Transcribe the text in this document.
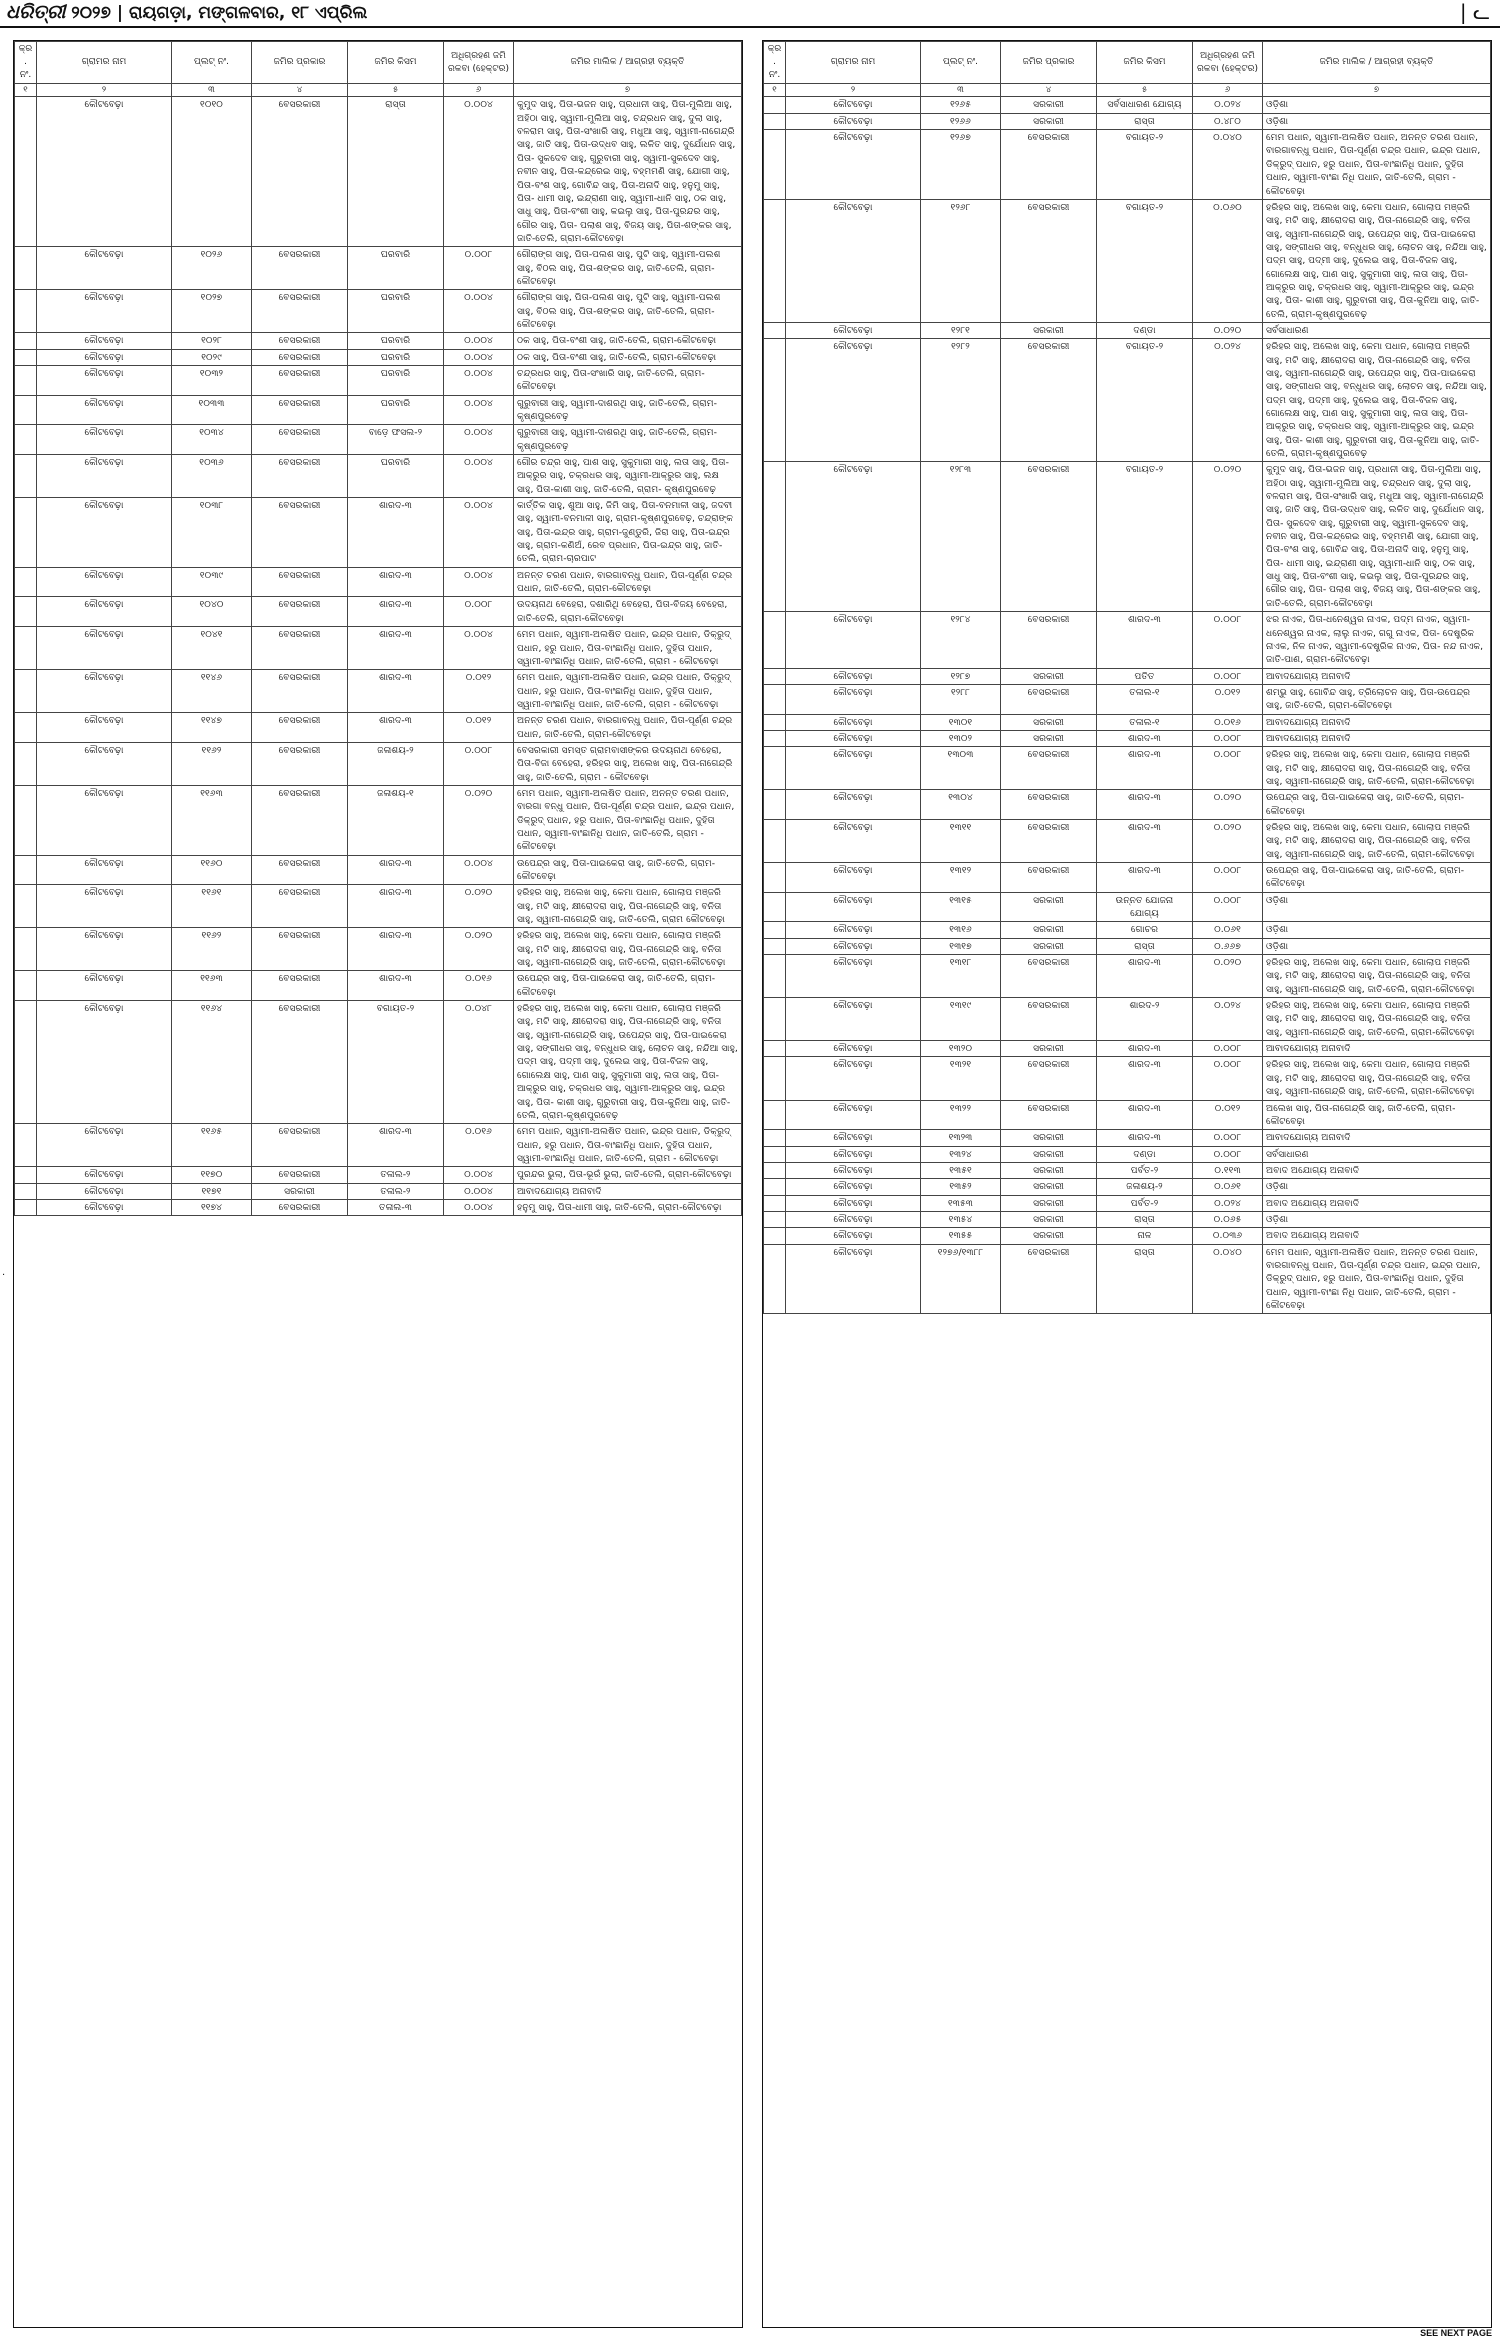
ଧରିତ୍ରୀ ୨୦୨୭ | ରାୟଗଡ଼ା, ମଙ୍ଗଳବାର, ୧୮ ଏପ୍ରିଲ	| ᓚ
·
କ୍ର. ନଂ.	ଗ୍ରାମର ନାମ	ପ୍ଲଟ୍ ନଂ.	ଜମିର ପ୍ରକାର	ଜମିର କିସମ	ଅଧିଗ୍ରହଣ ଜମି ରକବା (ହେକ୍ଟର)	ଜମିର ମାଲିକ / ଆଗ୍ରହୀ ବ୍ୟକ୍ତି
୧	୨	୩	୪	୫	୬	୭
	କୌଟବେଢ଼ା	୧୦୧୦	ବେସରକାରୀ	ରାସ୍ତା	୦.୦୦୪	କୁମୁଦ ସାହୁ, ପିତା-ଭଜନ ସାହୁ, ପ୍ରଧାନୀ ସାହୁ, ପିତା-ମୁଲିଆ ସାହୁ, ଅହିଠା ସାହୁ, ସ୍ୱାମୀ-ମୁଲିଆ ସାହୁ, ଚନ୍ଦ୍ରଧନ ସାହୁ, ଦୁଲା ସାହୁ, ବଳରାମ ସାହୁ, ପିତା-ସଂଖାରି ସାହୁ, ମଧୁଆ ସାହୁ, ସ୍ୱାମୀ-ନାଗେନ୍ଦ୍ରି ସାହୁ, ଜାତି ସାହୁ, ପିତା-ଉଦ୍ଧବ ସାହୁ, ଲଳିତ ସାହୁ, ଦୁର୍ଯୋଧନ ସାହୁ, ପିତା- ସୁକଦେବ ସାହୁ, ଗୁରୁବାରୀ ସାହୁ, ସ୍ୱାମୀ-ସୁକଦେବ ସାହୁ, ନବୀନ ସାହୁ, ପିତା-କନ୍ଦ୍ରେଇ ସାହୁ, ବହ୍ମମଣି ସାହୁ, ଯୋଗୀ ସାହୁ, ପିତା-ବଂଶ ସାହୁ, ଗୋବିନ୍ଦ ସାହୁ, ପିତା-ଅନାଦି ସାହୁ, ହନୁମୁ ସାହୁ, ପିତା- ଧାମୀ ସାହୁ, ଇନ୍ଦ୍ରାଣୀ ସାହୁ, ସ୍ୱାମୀ-ଧାନି ସାହୁ, ଠକ ସାହୁ, ସାଧୁ ସାହୁ, ପିତା-ବଂଶୀ ସାହୁ, କଇଲୁ ସାହୁ, ପିତା-ପୁରନ୍ଦର ସାହୁ, ଗୌର ସାହୁ, ପିତା- ପଲାଶ ସାହୁ, ବିଜୟ ସାହୁ, ପିତା-ଶଙ୍କର ସାହୁ, ଜାତି-ତେଲି, ଗ୍ରାମ-କୌଟବେଢ଼ା
	କୌଟବେଢ଼ା	୧୦୨୬	ବେସରକାରୀ	ଘରବାରି	୦.୦୦୮	ଗୌରାଙ୍ଗ ସାହୁ, ପିତା-ପଲଶ ସାହୁ, ପୁଟି ସାହୁ, ସ୍ୱାମୀ-ପଲଶ ସାହୁ, ବିଠଲ ସାହୁ, ପିତା-ଶଙ୍କର ସାହୁ, ଜାତି-ତେଲି, ଗ୍ରାମ-କୌଟବେଢ଼ା
	କୌଟବେଢ଼ା	୧୦୨୭	ବେସରକାରୀ	ଘରବାରି	୦.୦୦୪	ଗୌରାଙ୍ଗ ସାହୁ, ପିତା-ପଲଶ ସାହୁ, ପୁଟି ସାହୁ, ସ୍ୱାମୀ-ପଲଶ ସାହୁ, ବିଠଲ ସାହୁ, ପିତା-ଶଙ୍କର ସାହୁ, ଜାତି-ତେଲି, ଗ୍ରାମ-କୌଟବେଢ଼ା
	କୌଟବେଢ଼ା	୧୦୨୮	ବେସରକାରୀ	ଘରବାରି	୦.୦୦୪	ଠକ ସାହୁ, ପିତା-ବଂଶୀ ସାହୁ, ଜାତି-ତେଲି, ଗ୍ରାମ-କୌଟବେଢ଼ା
	କୌଟବେଢ଼ା	୧୦୨୯	ବେସରକାରୀ	ଘରବାରି	୦.୦୦୪	ଠକ ସାହୁ, ପିତା-ବଂଶୀ ସାହୁ, ଜାତି-ତେଲି, ଗ୍ରାମ-କୌଟବେଢ଼ା
	କୌଟବେଢ଼ା	୧୦୩୨	ବେସରକାରୀ	ଘରବାରି	୦.୦୦୪	ଚନ୍ଦ୍ରଧର ସାହୁ, ପିତା-ସଂଖାରି ସାହୁ, ଜାତି-ତେଲି, ଗ୍ରାମ-କୌଟବେଢ଼ା
	କୌଟବେଢ଼ା	୧୦୩୩	ବେସରକାରୀ	ଘରବାରି	୦.୦୦୪	ଗୁରୁବାରୀ ସାହୁ, ସ୍ୱାମୀ-ଦାଶରଥି ସାହୁ, ଜାତି-ତେଲି, ଗ୍ରାମ- କୃଷ୍ଣପୁରବେଢ଼
	କୌଟବେଢ଼ା	୧୦୩୪	ବେସରକାରୀ	ବାଡ଼େ ଫସଲ-୨	୦.୦୦୪	ଗୁରୁବାରୀ ସାହୁ, ସ୍ୱାମୀ-ଦାଶରଥି ସାହୁ, ଜାତି-ତେଲି, ଗ୍ରାମ- କୃଷ୍ଣପୁରବେଢ଼
	କୌଟବେଢ଼ା	୧୦୩୬	ବେସରକାରୀ	ଘରବାରି	୦.୦୦୪	ଗୌର ଚନ୍ଦ୍ର ସାହୁ, ପାଶ ସାହୁ, ସୁକୁମାରୀ ସାହୁ, ଲତା ସାହୁ, ପିତା-ଆକ୍ରୁର ସାହୁ, ଚକ୍ରଧର ସାହୁ, ସ୍ୱାମୀ-ଆକ୍ରୁର ସାହୁ, ଲକ୍ଷ ସାହୁ, ପିତା-କାଶୀ ସାହୁ, ଜାତି-ତେଲି, ଗ୍ରାମ- କୃଷ୍ଣପୁରବେଢ଼
	କୌଟବେଢ଼ା	୧୦୩୮	ବେସରକାରୀ	ଶାରଦ-୩	୦.୦୦୪	କାର୍ତ୍ତିକ ସାହୁ, ଶୁଆ ସାହୁ, ଜିମି ସାହୁ, ପିତା-ବନମାଳୀ ସାହୁ, ଜଦବୀ ସାହୁ, ସ୍ୱାମୀ-ବନମାଳୀ ସାହୁ, ଗ୍ରାମ-କୃଷ୍ଣପୁରବେଢ଼, ଚନ୍ଦ୍ରାଙ୍କ ସାହୁ, ପିତା-ଇନ୍ଦ୍ର ସାହୁ, ଗ୍ରାମ-ଜୁଣ୍ଡୁରି, ଜିରା ସାହୁ, ପିତା-ଇନ୍ଦ୍ର ସାହୁ, ଗ୍ରାମ-କଣିଅଁ, ରେବ ପ୍ରଧାନ, ପିତା-ଇନ୍ଦ୍ର ସାହୁ, ଜାତି-ତେଲି, ଗ୍ରାମ-ଚାରପାଟ
	କୌଟବେଢ଼ା	୧୦୩୯	ବେସରକାରୀ	ଶାରଦ-୩	୦.୦୦୪	ଅନନ୍ତ ଚରଣ ପଧାନ, ବାରଗାବନ୍ଧୁ ପଧାନ, ପିତା-ପୂର୍ଣ୍ଣ ଚନ୍ଦ୍ର ପଧାନ, ଜାତି-ତେଲି, ଗ୍ରାମ-କୌଟବେଢ଼ା
	କୌଟବେଢ଼ା	୧୦୪୦	ବେସରକାରୀ	ଶାରଦ-୩	୦.୦୦୮	ଉଦୟନାଥ ବେହେରା, ଦଶାରିଥି ବେହେରା, ପିତା-ବିଜୟ ବେହେରା, ଜାତି-ତେଲି, ଗ୍ରାମ-କୌଟବେଢ଼ା
	କୌଟବେଢ଼ା	୧୦୪୧	ବେସରକାରୀ	ଶାରଦ-୩	୦.୦୦୪	ମେମ ପଧାନ, ସ୍ୱାମୀ-ଅଲଷିତ ପଧାନ, ଇନ୍ଦ୍ର ପଧାନ, ଡିକ୍ରୁଦ୍ ପଧାନ, ହରୁ ପଧାନ, ପିତା-ବାଂଛାନିଧି ପଧାନ, ଦୁହିତା ପଧାନ, ସ୍ୱାମୀ-ବାଂଛାନିଧି ପଧାନ, ଜାତି-ତେଲି, ଗ୍ରାମ - କୌଟବେଢ଼ା
	କୌଟବେଢ଼ା	୧୧୪୬	ବେସରକାରୀ	ଶାରଦ-୩	୦.୦୧୨	ମେମ ପଧାନ, ସ୍ୱାମୀ-ଅଲଷିତ ପଧାନ, ଇନ୍ଦ୍ର ପଧାନ, ଡିକ୍ରୁଦ୍ ପଧାନ, ହରୁ ପଧାନ, ପିତା-ବାଂଛାନିଧି ପଧାନ, ଦୁହିତା ପଧାନ, ସ୍ୱାମୀ-ବାଂଛାନିଧି ପଧାନ, ଜାତି-ତେଲି, ଗ୍ରାମ - କୌଟବେଢ଼ା
	କୌଟବେଢ଼ା	୧୧୪୭	ବେସରକାରୀ	ଶାରଦ-୩	୦.୦୧୨	ଅନନ୍ତ ଚରଣ ପଧାନ, ବାରଗାବନ୍ଧୁ ପଧାନ, ପିତା-ପୂର୍ଣ୍ଣ ଚନ୍ଦ୍ର ପଧାନ, ଜାତି-ତେଲି, ଗ୍ରାମ-କୌଟବେଢ଼ା
	କୌଟବେଢ଼ା	୧୧୬୨	ବେସରକାରୀ	ଜଳାଶୟ-୨	୦.୦୦୮	ବେସରକାରୀ ସମସ୍ତ ଗ୍ରାମବାସୀଙ୍କର ଉଦୟନାଥ ବେହେରା, ପିତା-ବିଜା ବେହେରା, ହରିହର ସାହୁ, ଅଲେଖ ସାହୁ, ପିତା-ନାଗେନ୍ଦ୍ରି ସାହୁ, ଜାତି-ତେଲି, ଗ୍ରାମ - କୌଟବେଢ଼ା
	କୌଟବେଢ଼ା	୧୧୬୩	ବେସରକାରୀ	ଜଳାଶୟ-୧	୦.୦୨୦	ମେମ ପଧାନ, ସ୍ୱାମୀ-ଅଲଷିତ ପଧାନ, ଅନନ୍ତ ଚରଣ ପଧାନ, ବାରଗା ବନ୍ଧୁ ପଧାନ, ପିତା-ପୂର୍ଣ୍ଣ ଚନ୍ଦ୍ର ପଧାନ, ଇନ୍ଦ୍ର ପଧାନ, ଡିକ୍ରୁଦ୍ ପଧାନ, ହରୁ ପଧାନ, ପିତା-ବାଂଛାନିଧି ପଧାନ, ଦୁହିତା ପଧାନ, ସ୍ୱାମୀ-ବାଂଛାନିଧି ପଧାନ, ଜାତି-ତେଲି, ଗ୍ରାମ - କୌଟବେଢ଼ା
	କୌଟବେଢ଼ା	୧୧୬୦	ବେସରକାରୀ	ଶାରଦ-୩	୦.୦୦୪	ଉପେନ୍ଦ୍ର ସାହୁ, ପିତା-ପାଇକେରା ସାହୁ, ଜାତି-ତେଲି, ଗ୍ରାମ-କୌଟବେଢ଼ା
	କୌଟବେଢ଼ା	୧୧୬୧	ବେସରକାରୀ	ଶାରଦ-୩	୦.୦୨୦	ହରିହର ସାହୁ, ଅଲେଖ ସାହୁ, କେମା ପଧାନ, ଗୋଲାପ ମଞ୍ଜରି ସାହୁ, ମଟି ସାହୁ, କ୍ଷୀରୋଦରା ସାହୁ, ପିତା-ନାଗେନ୍ଦ୍ରି ସାହୁ, ବନିତା ସାହୁ, ସ୍ୱାମୀ-ନାଗେନ୍ଦ୍ରି ସାହୁ, ଜାତି-ତେଲି, ଗ୍ରାମ କୌଟବେଢ଼ା
	କୌଟବେଢ଼ା	୧୧୬୨	ବେସରକାରୀ	ଶାରଦ-୩	୦.୦୨୦	ହରିହର ସାହୁ, ଅଲେଖ ସାହୁ, କେମା ପଧାନ, ଗୋଲାପ ମଞ୍ଜରି ସାହୁ, ମଟି ସାହୁ, କ୍ଷୀରୋଦରା ସାହୁ, ପିତା-ନାଗେନ୍ଦ୍ରି ସାହୁ, ବନିତା ସାହୁ, ସ୍ୱାମୀ-ନାଗେନ୍ଦ୍ରି ସାହୁ, ଜାତି-ତେଲି, ଗ୍ରାମ-କୌଟବେଢ଼ା
	କୌଟବେଢ଼ା	୧୧୬୩	ବେସରକାରୀ	ଶାରଦ-୩	୦.୦୧୬	ଉପେନ୍ଦ୍ର ସାହୁ, ପିତା-ପାଇକେରା ସାହୁ, ଜାତି-ତେଲି, ଗ୍ରାମ-କୌଟବେଢ଼ା
	କୌଟବେଢ଼ା	୧୧୬୪	ବେସରକାରୀ	ବଗାୟତ-୨	୦.୦୪୮	ହରିହର ସାହୁ, ଅଲେଖ ସାହୁ, କେମା ପଧାନ, ଗୋଲାପ ମଞ୍ଜରି ସାହୁ, ମଟି ସାହୁ, କ୍ଷୀରୋଦରା ସାହୁ, ପିତା-ନାଗେନ୍ଦ୍ରି ସାହୁ, ବନିତା ସାହୁ, ସ୍ୱାମୀ-ନାଗେନ୍ଦ୍ରି ସାହୁ, ଉପେନ୍ଦ୍ର ସାହୁ, ପିତା-ପାଇକେରା ସାହୁ, ସଙ୍ଗୀଧର ସାହୁ, ବନ୍ଧୁଧର ସାହୁ, ଲୋଚନ ସାହୁ, ନନ୍ଦିଆ ସାହୁ, ପଦ୍ମ ସାହୁ, ପଦ୍ମୀ ସାହୁ, ଦୁଲେଇ ସାହୁ, ପିତା-ବିଜଳ ସାହୁ, ଗୋଲେକ୍ଷ ସାହୁ, ପାଣ ସାହୁ, ସୁକୁମାରୀ ସାହୁ, ଲତା ସାହୁ, ପିତା-ଆକ୍ରୁର ସାହୁ, ଚକ୍ରଧର ସାହୁ, ସ୍ୱାମୀ-ଆକ୍ରୁର ସାହୁ, ଇନ୍ଦ୍ର ସାହୁ, ପିତା- କାଶୀ ସାହୁ, ଗୁରୁବାରୀ ସାହୁ, ପିତା-କୁନିଆ ସାହୁ, ଜାତି-ତେଲି, ଗ୍ରାମ-କୃଷ୍ଣପୁରବେଢ଼
	କୌଟବେଢ଼ା	୧୧୬୫	ବେସରକାରୀ	ଶାରଦ-୩	୦.୦୧୬	ମେମ ପଧାନ, ସ୍ୱାମୀ-ଅଲଷିତ ପଧାନ, ଇନ୍ଦ୍ର ପଧାନ, ଡିକ୍ରୁଦ୍ ପଧାନ, ହରୁ ପଧାନ, ପିତା-ବାଂଛାନିଧି ପଧାନ, ଦୁହିତା ପଧାନ, ସ୍ୱାମୀ-ବାଂଛାନିଧି ପଧାନ, ଜାତି-ତେଲି, ଗ୍ରାମ - କୌଟବେଢ଼ା
	କୌଟବେଢ଼ା	୧୧୭୦	ବେସରକାରୀ	ତଳାଲ-୨	୦.୦୦୪	ପୁରନ୍ଦର ଭୁଲା, ପିତା-ଭୂରଁ ଭୁଲା, ଜାତି-ତେଲି, ଗ୍ରାମ-କୌଟବେଢ଼ା
	କୌଟବେଢ଼ା	୧୧୭୧	ସରକାରୀ	ତଳାଲ-୨	୦.୦୦୪	ଆବାଦଯୋଗ୍ୟ ଅନାବାଦି
	କୌଟବେଢ଼ା	୧୧୭୪	ବେସରକାରୀ	ତଳାଲ-୩	୦.୦୦୪	ହନୁମୁ ସାହୁ, ପିତା-ଧାମୀ ସାହୁ, ଜାତି-ତେଲି, ଗ୍ରାମ-କୌଟବେଢ଼ା
କ୍ର. ନଂ.	ଗ୍ରାମର ନାମ	ପ୍ଲଟ୍ ନଂ.	ଜମିର ପ୍ରକାର	ଜମିର କିସମ	ଅଧିଗ୍ରହଣ ଜମି ରକବା (ହେକ୍ଟର)	ଜମିର ମାଲିକ / ଆଗ୍ରହୀ ବ୍ୟକ୍ତି
୧	୨	୩	୪	୫	୬	୭
	କୌଟବେଢ଼ା	୧୨୬୫	ସରକାରୀ	ସର୍ବସାଧାରଣ ଯୋଗ୍ୟ	୦.୦୨୪	ଓଡ଼ିଶା
	କୌଟବେଢ଼ା	୧୨୬୬	ସରକାରୀ	ରାସ୍ତା	୦.୪୮୦	ଓଡ଼ିଶା
	କୌଟବେଢ଼ା	୧୨୬୭	ବେସରକାରୀ	ବଗାୟତ-୨	୦.୦୪୦	ମେମ ପଧାନ, ସ୍ୱାମୀ-ଅଲଷିତ ପଧାନ, ଅନନ୍ତ ଚରଣ ପଧାନ, ବାରଗାବନ୍ଧୁ ପଧାନ, ପିତା-ପୂର୍ଣ୍ଣ ଚନ୍ଦ୍ର ପଧାନ, ଇନ୍ଦ୍ର ପଧାନ, ଡିକ୍ରୁଦ୍ ପଧାନ, ହରୁ ପଧାନ, ପିତା-ବାଂଛାନିଧି ପଧାନ, ଦୁହିତା ପଧାନ, ସ୍ୱାମୀ-ବାଂଛା ନିଧି ପଧାନ, ଜାତି-ତେଲି, ଗ୍ରାମ - କୌଟବେଢ଼ା
	କୌଟବେଢ଼ା	୧୨୬୮	ବେସରକାରୀ	ବଗାୟତ-୨	୦.୦୬୦	ହରିହର ସାହୁ, ଅଲେଖ ସାହୁ, କେମା ପଧାନ, ଗୋଲାପ ମଞ୍ଜରି ସାହୁ, ମଟି ସାହୁ, କ୍ଷୀରୋଦରା ସାହୁ, ପିତା-ନାଗେନ୍ଦ୍ରି ସାହୁ, ବନିତା ସାହୁ, ସ୍ୱାମୀ-ନାଗେନ୍ଦ୍ରି ସାହୁ, ଉପେନ୍ଦ୍ର ସାହୁ, ପିତା-ପାଇକେରା ସାହୁ, ସଙ୍ଗୀଧର ସାହୁ, ବନ୍ଧୁଧର ସାହୁ, ଲୋଚନ ସାହୁ, ନନ୍ଦିଆ ସାହୁ, ପଦ୍ମ ସାହୁ, ପଦ୍ମୀ ସାହୁ, ଦୁଲେଇ ସାହୁ, ପିତା-ବିଜଳ ସାହୁ, ଗୋଲେକ୍ଷ ସାହୁ, ପାଣ ସାହୁ, ସୁକୁମାରୀ ସାହୁ, ଲତା ସାହୁ, ପିତା-ଆକ୍ରୁର ସାହୁ, ଚକ୍ରଧର ସାହୁ, ସ୍ୱାମୀ-ଆକ୍ରୁର ସାହୁ, ଇନ୍ଦ୍ର ସାହୁ, ପିତା- କାଶୀ ସାହୁ, ଗୁରୁବାରୀ ସାହୁ, ପିତା-କୁନିଆ ସାହୁ, ଜାତି-ତେଲି, ଗ୍ରାମ-କୃଷ୍ଣପୁରବେଢ଼
	କୌଟବେଢ଼ା	୧୨୮୧	ସରକାରୀ	ଦଣ୍ଡା	୦.୦୨୦	ସର୍ବସାଧାରଣ
	କୌଟବେଢ଼ା	୧୨୮୨	ବେସରକାରୀ	ବଗାୟତ-୨	୦.୦୨୪	ହରିହର ସାହୁ, ଅଲେଖ ସାହୁ, କେମା ପଧାନ, ଗୋଲାପ ମଞ୍ଜରି ସାହୁ, ମଟି ସାହୁ, କ୍ଷୀରୋଦରା ସାହୁ, ପିତା-ନାଗେନ୍ଦ୍ରି ସାହୁ, ବନିତା ସାହୁ, ସ୍ୱାମୀ-ନାଗେନ୍ଦ୍ରି ସାହୁ, ଉପେନ୍ଦ୍ର ସାହୁ, ପିତା-ପାଇକେରା ସାହୁ, ସଙ୍ଗୀଧର ସାହୁ, ବନ୍ଧୁଧର ସାହୁ, ଲୋଚନ ସାହୁ, ନନ୍ଦିଆ ସାହୁ, ପଦ୍ମ ସାହୁ, ପଦ୍ମୀ ସାହୁ, ଦୁଲେଇ ସାହୁ, ପିତା-ବିଜଳ ସାହୁ, ଗୋଲେକ୍ଷ ସାହୁ, ପାଣ ସାହୁ, ସୁକୁମାରୀ ସାହୁ, ଲତା ସାହୁ, ପିତା-ଆକ୍ରୁର ସାହୁ, ଚକ୍ରଧର ସାହୁ, ସ୍ୱାମୀ-ଆକ୍ରୁର ସାହୁ, ଇନ୍ଦ୍ର ସାହୁ, ପିତା- କାଶୀ ସାହୁ, ଗୁରୁବାରୀ ସାହୁ, ପିତା-କୁନିଆ ସାହୁ, ଜାତି-ତେଲି, ଗ୍ରାମ-କୃଷ୍ଣପୁରବେଢ଼
	କୌଟବେଢ଼ା	୧୨୮୩	ବେସରକାରୀ	ବଗାୟତ-୨	୦.୦୨୦	କୁମୁଦ ସାହୁ, ପିତା-ଭଜନ ସାହୁ, ପ୍ରଧାନୀ ସାହୁ, ପିତା-ମୁଲିଆ ସାହୁ, ଅହିଠା ସାହୁ, ସ୍ୱାମୀ-ମୁଲିଆ ସାହୁ, ଚନ୍ଦ୍ରଧନ ସାହୁ, ଦୁଲା ସାହୁ, ବଳରାମ ସାହୁ, ପିତା-ସଂଖାରି ସାହୁ, ମଧୁଆ ସାହୁ, ସ୍ୱାମୀ-ନାଗେନ୍ଦ୍ରି ସାହୁ, ଜାତି ସାହୁ, ପିତା-ଉଦ୍ଧବ ସାହୁ, ଲଳିତ ସାହୁ, ଦୁର୍ଯୋଧନ ସାହୁ, ପିତା- ସୁକଦେବ ସାହୁ, ଗୁରୁବାରୀ ସାହୁ, ସ୍ୱାମୀ-ସୁକଦେବ ସାହୁ, ନବୀନ ସାହୁ, ପିତା-କନ୍ଦ୍ରେଇ ସାହୁ, ବହ୍ମମଣି ସାହୁ, ଯୋଗୀ ସାହୁ, ପିତା-ବଂଶ ସାହୁ, ଗୋବିନ୍ଦ ସାହୁ, ପିତା-ଅନାଦି ସାହୁ, ହନୁମୁ ସାହୁ, ପିତା- ଧାମୀ ସାହୁ, ଇନ୍ଦ୍ରାଣୀ ସାହୁ, ସ୍ୱାମୀ-ଧାନି ସାହୁ, ଠକ ସାହୁ, ସାଧୁ ସାହୁ, ପିତା-ବଂଶୀ ସାହୁ, କଇଲୁ ସାହୁ, ପିତା-ପୁରନ୍ଦର ସାହୁ, ଗୌର ସାହୁ, ପିତା- ପଲାଶ ସାହୁ, ବିଜୟ ସାହୁ, ପିତା-ଶଙ୍କର ସାହୁ, ଜାତି-ତେଲି, ଗ୍ରାମ-କୌଟବେଢ଼ା
	କୌଟବେଢ଼ା	୧୨୮୪	ବେସରକାରୀ	ଶାରଦ-୩	୦.୦୦୮	ଝର ନାଏକ, ପିତା-ଧନେଶ୍ୱର ନାଏକ, ପଦ୍ମ ନାଏକ, ସ୍ୱାମୀ-ଧନେଶ୍ୱର ନାଏକ, ଲାଲୁ ନାଏକ, ଗଗୁ ନାଏକ, ପିତା- ଦେଷ୍ଟ୍ରିକ ନାଏକ, ନିଳ ନାଏକ, ସ୍ୱାମୀ-ଦେଷ୍ଟ୍ରିକ ନାଏକ, ପିତା- ନନ୍ଦ ନାଏକ, ଜାତି-ପାଣ, ଗ୍ରାମ-କୌଟବେଢ଼ା
	କୌଟବେଢ଼ା	୧୨୮୭	ସରକାରୀ	ପତିତ	୦.୦୦୮	ଆବାଦଯୋଗ୍ୟ ଅନାବାଦି
	କୌଟବେଢ଼ା	୧୨୮୮	ବେସରକାରୀ	ତଳାଲ-୧	୦.୦୧୨	ଶମ୍ଭୁ ସାହୁ, ଗୋବିନ୍ଦ ସାହୁ, ତ୍ରିଲୋଚନ ସାହୁ, ପିତା-ଉପେନ୍ଦ୍ର ସାହୁ, ଜାତି-ତେଲି, ଗ୍ରାମ-କୌଟବେଢ଼ା
	କୌଟବେଢ଼ା	୧୩୦୧	ସରକାରୀ	ତଳାଲ-୧	୦.୦୧୬	ଆବାଦଯୋଗ୍ୟ ଅନାବାଦି
	କୌଟବେଢ଼ା	୧୩୦୨	ସରକାରୀ	ଶାରଦ-୩	୦.୦୦୮	ଆବାଦଯୋଗ୍ୟ ଅନାବାଦି
	କୌଟବେଢ଼ା	୧୩୦୩	ବେସରକାରୀ	ଶାରଦ-୩	୦.୦୦୮	ହରିହର ସାହୁ, ଅଲେଖ ସାହୁ, କେମା ପଧାନ, ଗୋଲାପ ମଞ୍ଜରି ସାହୁ, ମଟି ସାହୁ, କ୍ଷୀରୋଦରା ସାହୁ, ପିତା-ନାଗେନ୍ଦ୍ରି ସାହୁ, ବନିତା ସାହୁ, ସ୍ୱାମୀ-ନାଗେନ୍ଦ୍ରି ସାହୁ, ଜାତି-ତେଲି, ଗ୍ରାମ-କୌଟବେଢ଼ା
	କୌଟବେଢ଼ା	୧୩୦୪	ବେସରକାରୀ	ଶାରଦ-୩	୦.୦୨୦	ଉପେନ୍ଦ୍ର ସାହୁ, ପିତା-ପାଇକେରା ସାହୁ, ଜାତି-ତେଲି, ଗ୍ରାମ-କୌଟବେଢ଼ା
	କୌଟବେଢ଼ା	୧୩୧୧	ବେସରକାରୀ	ଶାରଦ-୩	୦.୦୨୦	ହରିହର ସାହୁ, ଅଲେଖ ସାହୁ, କେମା ପଧାନ, ଗୋଲାପ ମଞ୍ଜରି ସାହୁ, ମଟି ସାହୁ, କ୍ଷୀରୋଦରା ସାହୁ, ପିତା-ନାଗେନ୍ଦ୍ରି ସାହୁ, ବନିତା ସାହୁ, ସ୍ୱାମୀ-ନାଗେନ୍ଦ୍ରି ସାହୁ, ଜାତି-ତେଲି, ଗ୍ରାମ-କୌଟବେଢ଼ା
	କୌଟବେଢ଼ା	୧୩୧୨	ବେସରକାରୀ	ଶାରଦ-୩	୦.୦୦୮	ଉପେନ୍ଦ୍ର ସାହୁ, ପିତା-ପାଇକେରା ସାହୁ, ଜାତି-ତେଲି, ଗ୍ରାମ-କୌଟବେଢ଼ା
	କୌଟବେଢ଼ା	୧୩୧୫	ସରକାରୀ	ଉନ୍ନତ ଯୋଜନା ଯୋଗ୍ୟ	୦.୦୦୮	ଓଡ଼ିଶା
	କୌଟବେଢ଼ା	୧୩୧୬	ସରକାରୀ	ଗୋଚର	୦.୦୬୧	ଓଡ଼ିଶା
	କୌଟବେଢ଼ା	୧୩୧୭	ସରକାରୀ	ରାସ୍ତା	୦.୬୬୭	ଓଡ଼ିଶା
	କୌଟବେଢ଼ା	୧୩୧୮	ବେସରକାରୀ	ଶାରଦ-୩	୦.୦୨୦	ହରିହର ସାହୁ, ଅଲେଖ ସାହୁ, କେମା ପଧାନ, ଗୋଲାପ ମଞ୍ଜରି ସାହୁ, ମଟି ସାହୁ, କ୍ଷୀରୋଦରା ସାହୁ, ପିତା-ନାଗେନ୍ଦ୍ରି ସାହୁ, ବନିତା ସାହୁ, ସ୍ୱାମୀ-ନାଗେନ୍ଦ୍ରି ସାହୁ, ଜାତି-ତେଲି, ଗ୍ରାମ-କୌଟବେଢ଼ା
	କୌଟବେଢ଼ା	୧୩୧୯	ବେସରକାରୀ	ଶାରଦ-୨	୦.୦୨୪	ହରିହର ସାହୁ, ଅଲେଖ ସାହୁ, କେମା ପଧାନ, ଗୋଲାପ ମଞ୍ଜରି ସାହୁ, ମଟି ସାହୁ, କ୍ଷୀରୋଦରା ସାହୁ, ପିତା-ନାଗେନ୍ଦ୍ରି ସାହୁ, ବନିତା ସାହୁ, ସ୍ୱାମୀ-ନାଗେନ୍ଦ୍ରି ସାହୁ, ଜାତି-ତେଲି, ଗ୍ରାମ-କୌଟବେଢ଼ା
	କୌଟବେଢ଼ା	୧୩୨୦	ସରକାରୀ	ଶାରଦ-୩	୦.୦୦୮	ଆବାଦଯୋଗ୍ୟ ଅନାବାଦି
	କୌଟବେଢ଼ା	୧୩୨୧	ବେସରକାରୀ	ଶାରଦ-୩	୦.୦୦୮	ହରିହର ସାହୁ, ଅଲେଖ ସାହୁ, କେମା ପଧାନ, ଗୋଲାପ ମଞ୍ଜରି ସାହୁ, ମଟି ସାହୁ, କ୍ଷୀରୋଦରା ସାହୁ, ପିତା-ନାଗେନ୍ଦ୍ରି ସାହୁ, ବନିତା ସାହୁ, ସ୍ୱାମୀ-ନାଗେନ୍ଦ୍ରି ସାହୁ, ଜାତି-ତେଲି, ଗ୍ରାମ-କୌଟବେଢ଼ା
	କୌଟବେଢ଼ା	୧୩୨୨	ବେସରକାରୀ	ଶାରଦ-୩	୦.୦୧୨	ଅଲେଖ ସାହୁ, ପିତା-ନାଗେନ୍ଦ୍ରି ସାହୁ, ଜାତି-ତେଲି, ଗ୍ରାମ-କୌଟବେଢ଼ା
	କୌଟବେଢ଼ା	୧୩୨୩	ସରକାରୀ	ଶାରଦ-୩	୦.୦୦୮	ଆବାଦଯୋଗ୍ୟ ଅନାବାଦି
	କୌଟବେଢ଼ା	୧୩୨୪	ସରକାରୀ	ଦଣ୍ଡା	୦.୦୦୮	ସର୍ବସାଧାରଣ
	କୌଟବେଢ଼ା	୧୩୫୧	ସରକାରୀ	ପର୍ବତ-୨	୦.୧୧୩	ଅବାଦ ଅଯୋଗ୍ୟ ଅନାବାଦି
	କୌଟବେଢ଼ା	୧୩୫୨	ସରକାରୀ	ଜଳାଶୟ-୨	୦.୦୬୧	ଓଡ଼ିଶା
	କୌଟବେଢ଼ା	୧୩୫୩	ସରକାରୀ	ପର୍ବତ-୨	୦.୦୨୪	ଅବାଦ ଅଯୋଗ୍ୟ ଅନାବାଦି
	କୌଟବେଢ଼ା	୧୩୫୪	ସରକାରୀ	ରାସ୍ତା	୦.୦୬୫	ଓଡ଼ିଶା
	କୌଟବେଢ଼ା	୧୩୫୫	ସରକାରୀ	ନାଳ	୦.୦୩୬	ଅବାଦ ଅଯୋଗ୍ୟ ଅନାବାଦି
	କୌଟବେଢ଼ା	୧୨୭୬/୧୩୮୮	ବେସରକାରୀ	ରାସ୍ତା	୦.୦୪୦	ମେମ ପଧାନ, ସ୍ୱାମୀ-ଅଲଷିତ ପଧାନ, ଅନନ୍ତ ଚରଣ ପଧାନ, ବାରଗାବନ୍ଧୁ ପଧାନ, ପିତା-ପୂର୍ଣ୍ଣ ଚନ୍ଦ୍ର ପଧାନ, ଇନ୍ଦ୍ର ପଧାନ, ଡିକ୍ରୁଦ୍ ପଧାନ, ହରୁ ପଧାନ, ପିତା-ବାଂଛାନିଧି ପଧାନ, ଦୁହିତା ପଧାନ, ସ୍ୱାମୀ-ବାଂଛା ନିଧି ପଧାନ, ଜାତି-ତେଲି, ଗ୍ରାମ - କୌଟବେଢ଼ା
SEE NEXT PAGE
